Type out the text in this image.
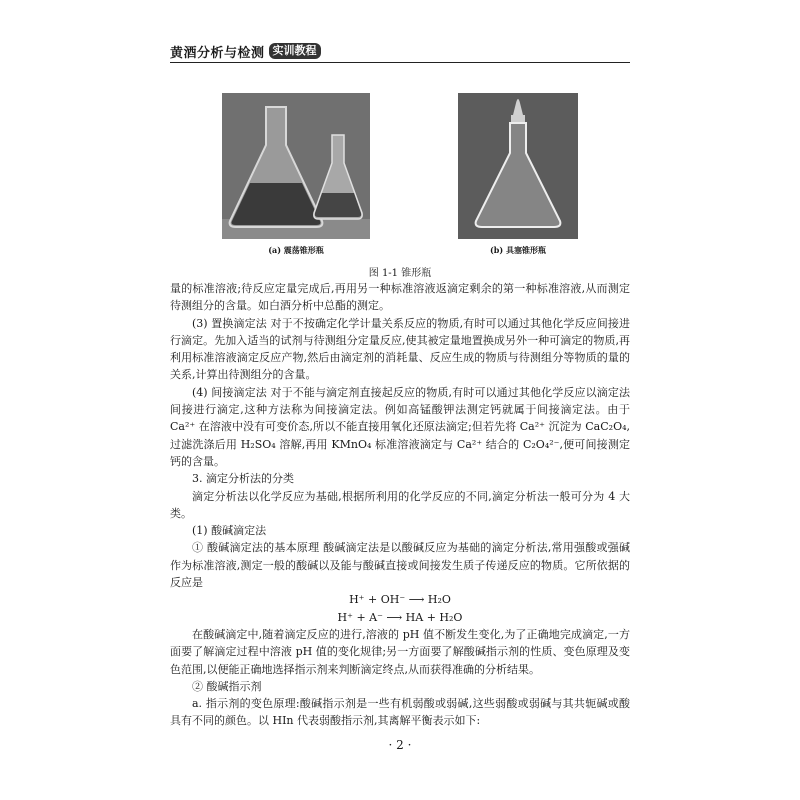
黄酒分析与检测 实训教程
(a) 震荡锥形瓶	(b) 具塞锥形瓶
图 1-1 锥形瓶

量的标准溶液;待反应定量完成后,再用另一种标准溶液返滴定剩余的第一种标准溶液,从而测定待测组分的含量。如白酒分析中总酯的测定。

(3) 置换滴定法 对于不按确定化学计量关系反应的物质,有时可以通过其他化学反应间接进行滴定。先加入适当的试剂与待测组分定量反应,使其被定量地置换成另外一种可滴定的物质,再利用标准溶液滴定反应产物,然后由滴定剂的消耗量、反应生成的物质与待测组分等物质的量的关系,计算出待测组分的含量。

(4) 间接滴定法 对于不能与滴定剂直接起反应的物质,有时可以通过其他化学反应以滴定法间接进行滴定,这种方法称为间接滴定法。例如高锰酸钾法测定钙就属于间接滴定法。由于 Ca²⁺ 在溶液中没有可变价态,所以不能直接用氧化还原法滴定;但若先将 Ca²⁺ 沉淀为 CaC₂O₄,过滤洗涤后用 H₂SO₄ 溶解,再用 KMnO₄ 标准溶液滴定与 Ca²⁺ 结合的 C₂O₄²⁻,便可间接测定钙的含量。

3. 滴定分析法的分类

滴定分析法以化学反应为基础,根据所利用的化学反应的不同,滴定分析法一般可分为 4 大类。

(1) 酸碱滴定法

① 酸碱滴定法的基本原理 酸碱滴定法是以酸碱反应为基础的滴定分析法,常用强酸或强碱作为标准溶液,测定一般的酸碱以及能与酸碱直接或间接发生质子传递反应的物质。它所依据的反应是

H⁺ + OH⁻ ⟶ H₂O

H⁺ + A⁻ ⟶ HA + H₂O

在酸碱滴定中,随着滴定反应的进行,溶液的 pH 值不断发生变化,为了正确地完成滴定,一方面要了解滴定过程中溶液 pH 值的变化规律;另一方面要了解酸碱指示剂的性质、变色原理及变色范围,以便能正确地选择指示剂来判断滴定终点,从而获得准确的分析结果。

② 酸碱指示剂

a. 指示剂的变色原理:酸碱指示剂是一些有机弱酸或弱碱,这些弱酸或弱碱与其共轭碱或酸具有不同的颜色。以 HIn 代表弱酸指示剂,其离解平衡表示如下:

· 2 ·
